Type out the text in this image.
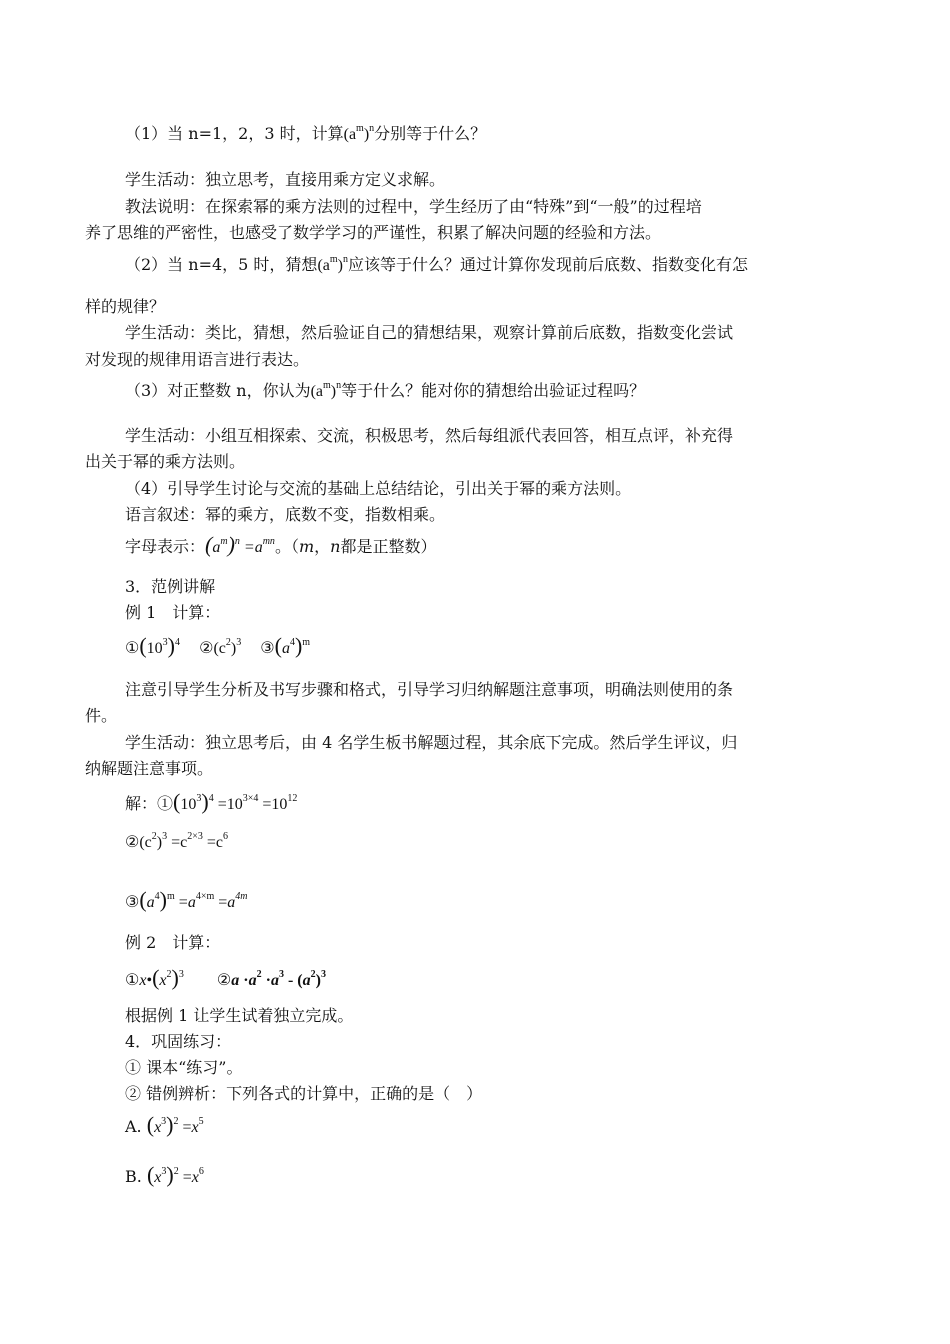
（1）当 n=1，2，3 时，计算$(a^m)^n$分别等于什么？
学生活动：独立思考，直接用乘方定义求解。
教法说明：在探索幂的乘方法则的过程中，学生经历了由“特殊”到“一般”的过程培
养了思维的严密性，也感受了数学学习的严谨性，积累了解决问题的经验和方法。
（2）当 n=4，5 时，猜想$(a^m)^n$应该等于什么？通过计算你发现前后底数、指数变化有怎
样的规律？
学生活动：类比，猜想，然后验证自己的猜想结果，观察计算前后底数，指数变化尝试
对发现的规律用语言进行表达。
（3）对正整数 n，你认为$(a^m)^n$等于什么？能对你的猜想给出验证过程吗？
学生活动：小组互相探索、交流，积极思考，然后每组派代表回答，相互点评，补充得
出关于幂的乘方法则。
（4）引导学生讨论与交流的基础上总结结论，引出关于幂的乘方法则。
语言叙述：幂的乘方，底数不变，指数相乘。
字母表示：$(a^m)^n =a^{mn}$。（m，n都是正整数）
3．范例讲解
例 1　计算：
$①(10^3)^4$ $②(c^2)^3$ $③(a^4)^m$
注意引导学生分析及书写步骤和格式，引导学习归纳解题注意事项，明确法则使用的条
件。
学生活动：独立思考后，由 4 名学生板书解题过程，其余底下完成。然后学生评议，归
纳解题注意事项。
解：$①(10^3)^4 =10^{3\times 4} =10^{12}$
$②(c^2)^3 =c^{2\times 3} =c^6$
$③(a^4)^m =a^{4\times m} =a^{4m}$
例 2　计算：
$①x•(x^2)^3$ ②a $\cdot a^2 \cdot a^3 - (a^2)^3$
根据例 1 让学生试着独立完成。
4．巩固练习：
① 课本“练习”。
② 错例辨析：下列各式的计算中，正确的是（　）
A. $(x^3)^2 =x^5$
B. $(x^3)^2 =x^6$
